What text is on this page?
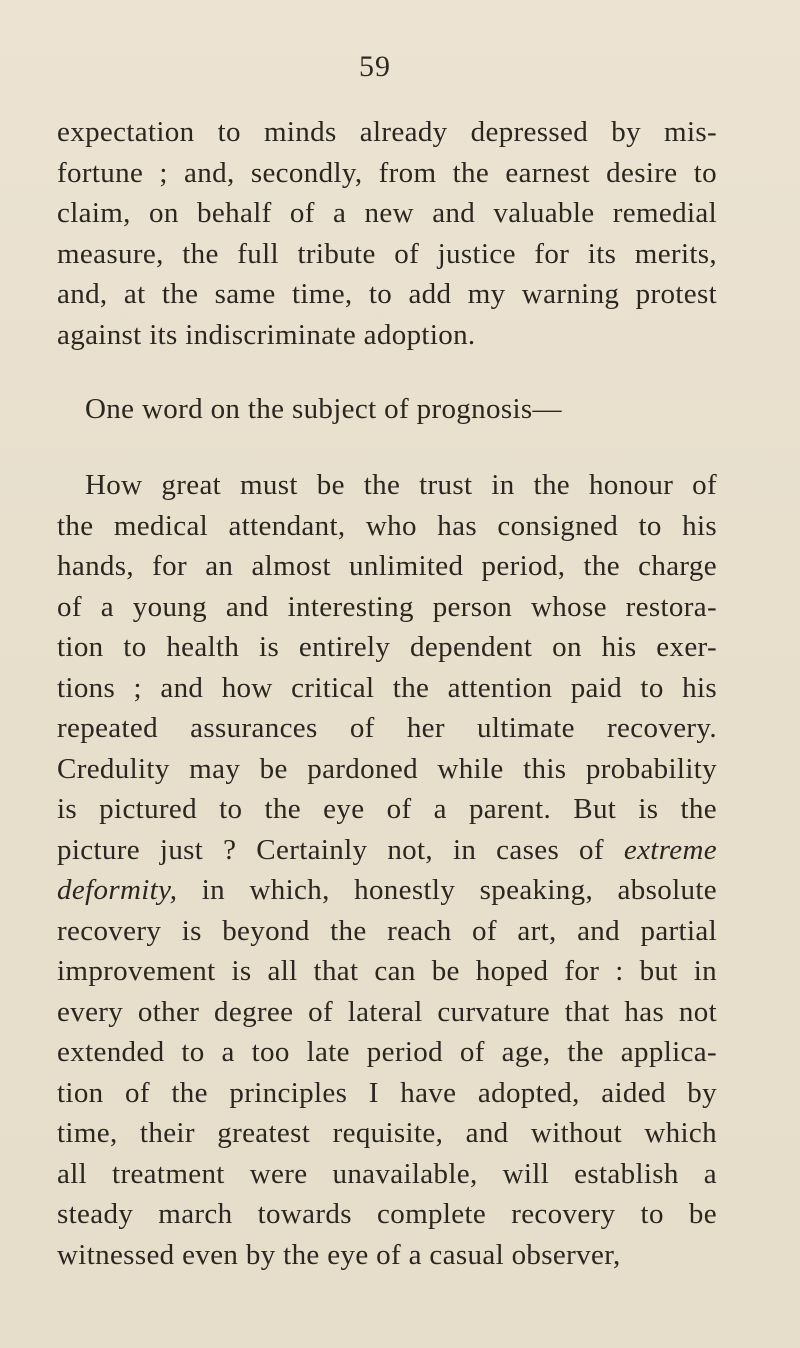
59
expectation to minds already depressed by mis-
fortune ; and, secondly, from the earnest desire to
claim, on behalf of a new and valuable remedial
measure, the full tribute of justice for its merits,
and, at the same time, to add my warning protest
against its indiscriminate adoption.
One word on the subject of prognosis—
How great must be the trust in the honour of
the medical attendant, who has consigned to his
hands, for an almost unlimited period, the charge
of a young and interesting person whose restora-
tion to health is entirely dependent on his exer-
tions ; and how critical the attention paid to his
repeated assurances of her ultimate recovery.
Credulity may be pardoned while this probability
is pictured to the eye of a parent. But is the
picture just ? Certainly not, in cases of extreme
deformity, in which, honestly speaking, absolute
recovery is beyond the reach of art, and partial
improvement is all that can be hoped for : but in
every other degree of lateral curvature that has not
extended to a too late period of age, the applica-
tion of the principles I have adopted, aided by
time, their greatest requisite, and without which
all treatment were unavailable, will establish a
steady march towards complete recovery to be
witnessed even by the eye of a casual observer,
